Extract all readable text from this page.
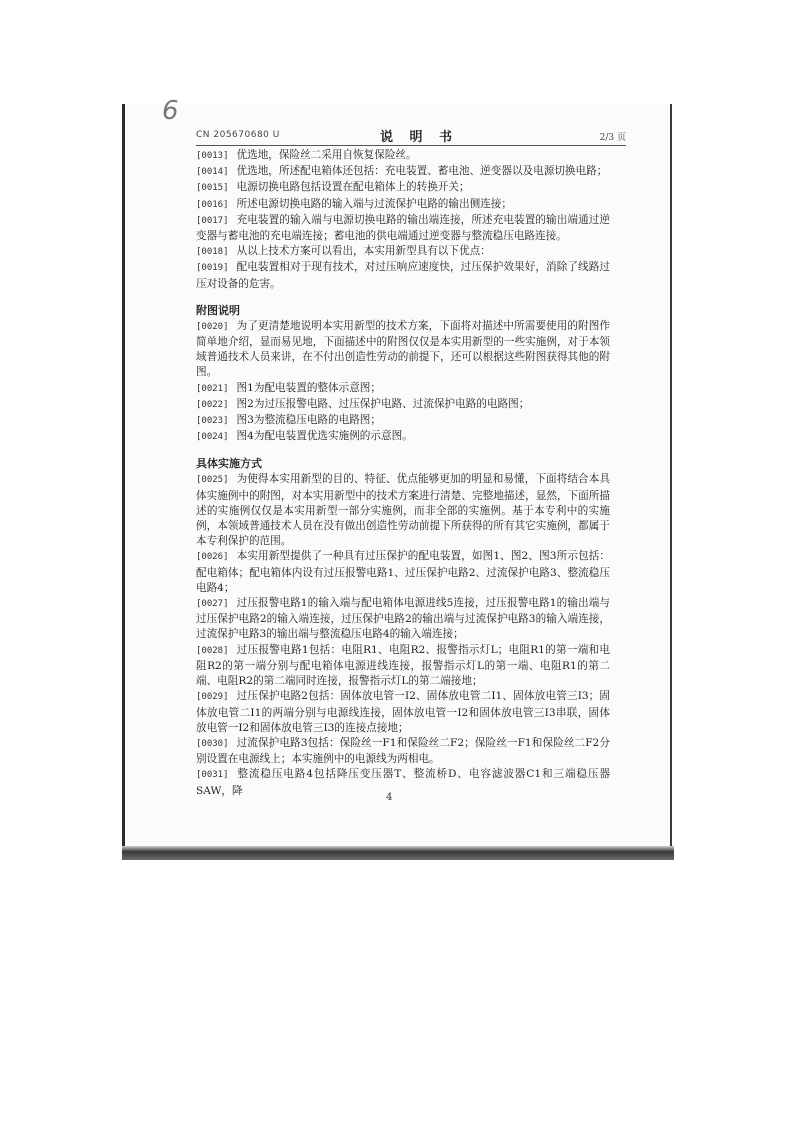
6
CN 205670680 U	说 明 书	2/3 页

[0013] 优选地，保险丝二采用自恢复保险丝。

[0014] 优选地，所述配电箱体还包括：充电装置、蓄电池、逆变器以及电源切换电路；

[0015] 电源切换电路包括设置在配电箱体上的转换开关；

[0016] 所述电源切换电路的输入端与过流保护电路的输出侧连接；

[0017] 充电装置的输入端与电源切换电路的输出端连接，所述充电装置的输出端通过逆变器与蓄电池的充电端连接；蓄电池的供电端通过逆变器与整流稳压电路连接。

[0018] 从以上技术方案可以看出，本实用新型具有以下优点：

[0019] 配电装置相对于现有技术，对过压响应速度快，过压保护效果好，消除了线路过压对设备的危害。

附图说明

[0020] 为了更清楚地说明本实用新型的技术方案，下面将对描述中所需要使用的附图作简单地介绍，显而易见地，下面描述中的附图仅仅是本实用新型的一些实施例，对于本领域普通技术人员来讲，在不付出创造性劳动的前提下，还可以根据这些附图获得其他的附图。

[0021] 图1为配电装置的整体示意图；

[0022] 图2为过压报警电路、过压保护电路、过流保护电路的电路图；

[0023] 图3为整流稳压电路的电路图；

[0024] 图4为配电装置优选实施例的示意图。

具体实施方式

[0025] 为使得本实用新型的目的、特征、优点能够更加的明显和易懂，下面将结合本具体实施例中的附图，对本实用新型中的技术方案进行清楚、完整地描述，显然，下面所描述的实施例仅仅是本实用新型一部分实施例，而非全部的实施例。基于本专利中的实施例，本领域普通技术人员在没有做出创造性劳动前提下所获得的所有其它实施例，都属于本专利保护的范围。

[0026] 本实用新型提供了一种具有过压保护的配电装置，如图1、图2、图3所示包括：配电箱体；配电箱体内设有过压报警电路1、过压保护电路2、过流保护电路3、整流稳压电路4；

[0027] 过压报警电路1的输入端与配电箱体电源进线5连接，过压报警电路1的输出端与过压保护电路2的输入端连接，过压保护电路2的输出端与过流保护电路3的输入端连接，过流保护电路3的输出端与整流稳压电路4的输入端连接；

[0028] 过压报警电路1包括：电阻R1、电阻R2、报警指示灯L；电阻R1的第一端和电阻R2的第一端分别与配电箱体电源进线连接，报警指示灯L的第一端、电阻R1的第二端、电阻R2的第二端同时连接，报警指示灯L的第二端接地；

[0029] 过压保护电路2包括：固体放电管一I2、固体放电管二I1、固体放电管三I3；固体放电管二I1的两端分别与电源线连接，固体放电管一I2和固体放电管三I3串联，固体放电管一I2和固体放电管三I3的连接点接地；

[0030] 过流保护电路3包括：保险丝一F1和保险丝二F2；保险丝一F1和保险丝二F2分别设置在电源线上；本实施例中的电源线为两相电。

[0031] 整流稳压电路4包括降压变压器T、整流桥D、电容滤波器C1和三端稳压器SAW，降

4
